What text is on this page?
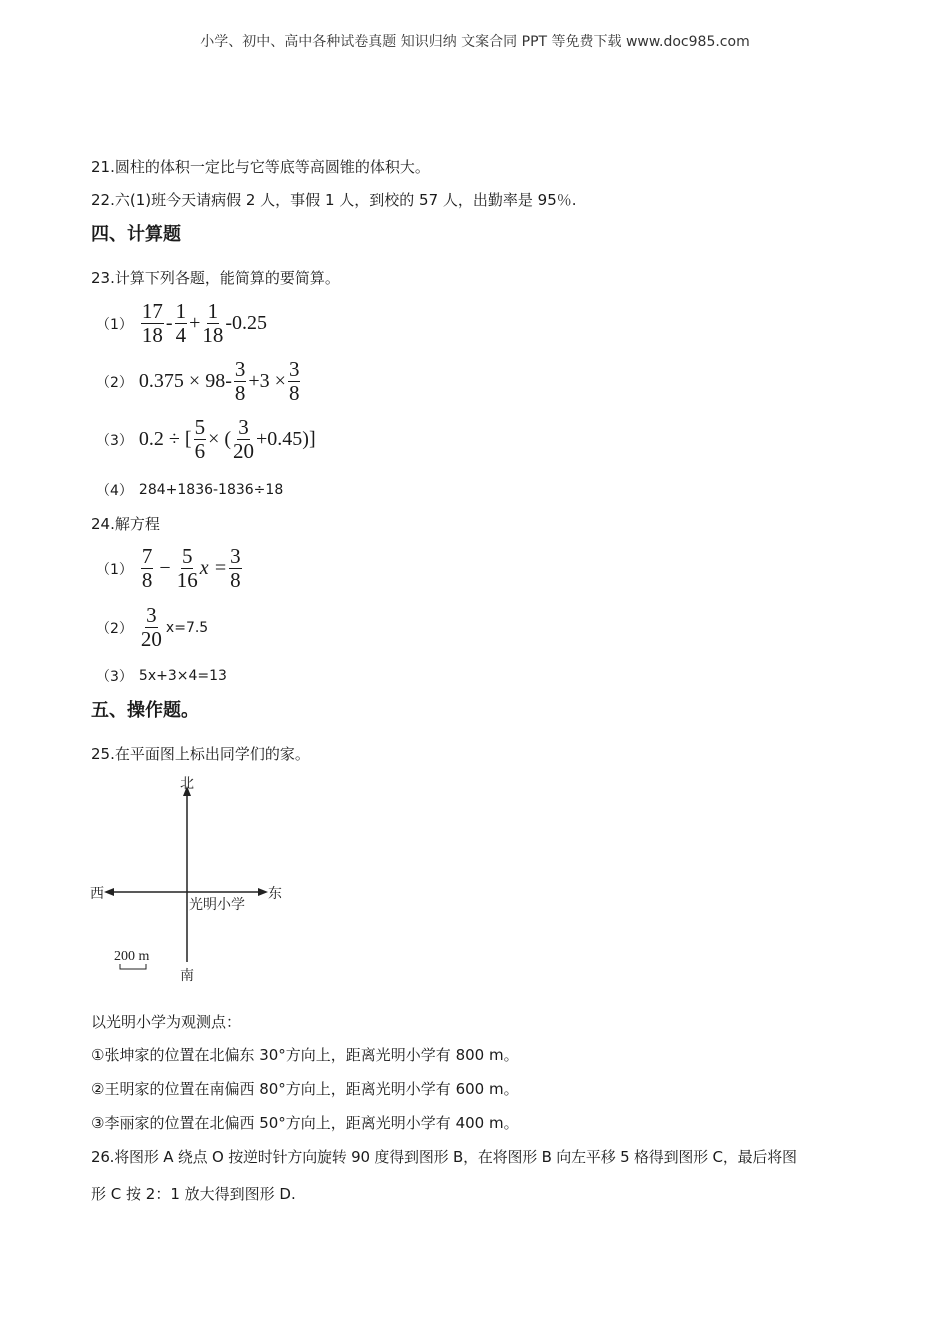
小学、初中、高中各种试卷真题 知识归纳 文案合同 PPT 等免费下载 www.doc985.com
21.圆柱的体积一定比与它等底等高圆锥的体积大。
22.六(1)班今天请病假 2 人，事假 1 人，到校的 57 人，出勤率是 95％.
四、计算题
23.计算下列各题，能简算的要简算。
$(1) \frac{17}{18} - \frac{1}{4} + \frac{1}{18} -0.25$
（2） $0.375 \times 98- \frac{3}{8} +3 \times \frac{3}{8}$
（3） 0.2 ÷ [ $\frac{5}{6}$ × ( $\frac{3}{20} +0.45$)]
（4） 284+1836-1836÷18
24.解方程
$(1) \frac{7}{8} - \frac{5}{16}$ $x = \frac{3}{8}$
$(2) \frac{3}{20} x=7.5$
（3） 5x+3×4=13
五、操作题。
25.在平面图上标出同学们的家。
北
南
西	东
光明小学
200 m
以光明小学为观测点：
①张坤家的位置在北偏东 30°方向上，距离光明小学有 800 m。
②王明家的位置在南偏西 80°方向上，距离光明小学有 600 m。
③李丽家的位置在北偏西 50°方向上，距离光明小学有 400 m。
26.将图形 A 绕点 O 按逆时针方向旋转 90 度得到图形 B，在将图形 B 向左平移 5 格得到图形 C，最后将图
形 C 按 2：1 放大得到图形 D.
